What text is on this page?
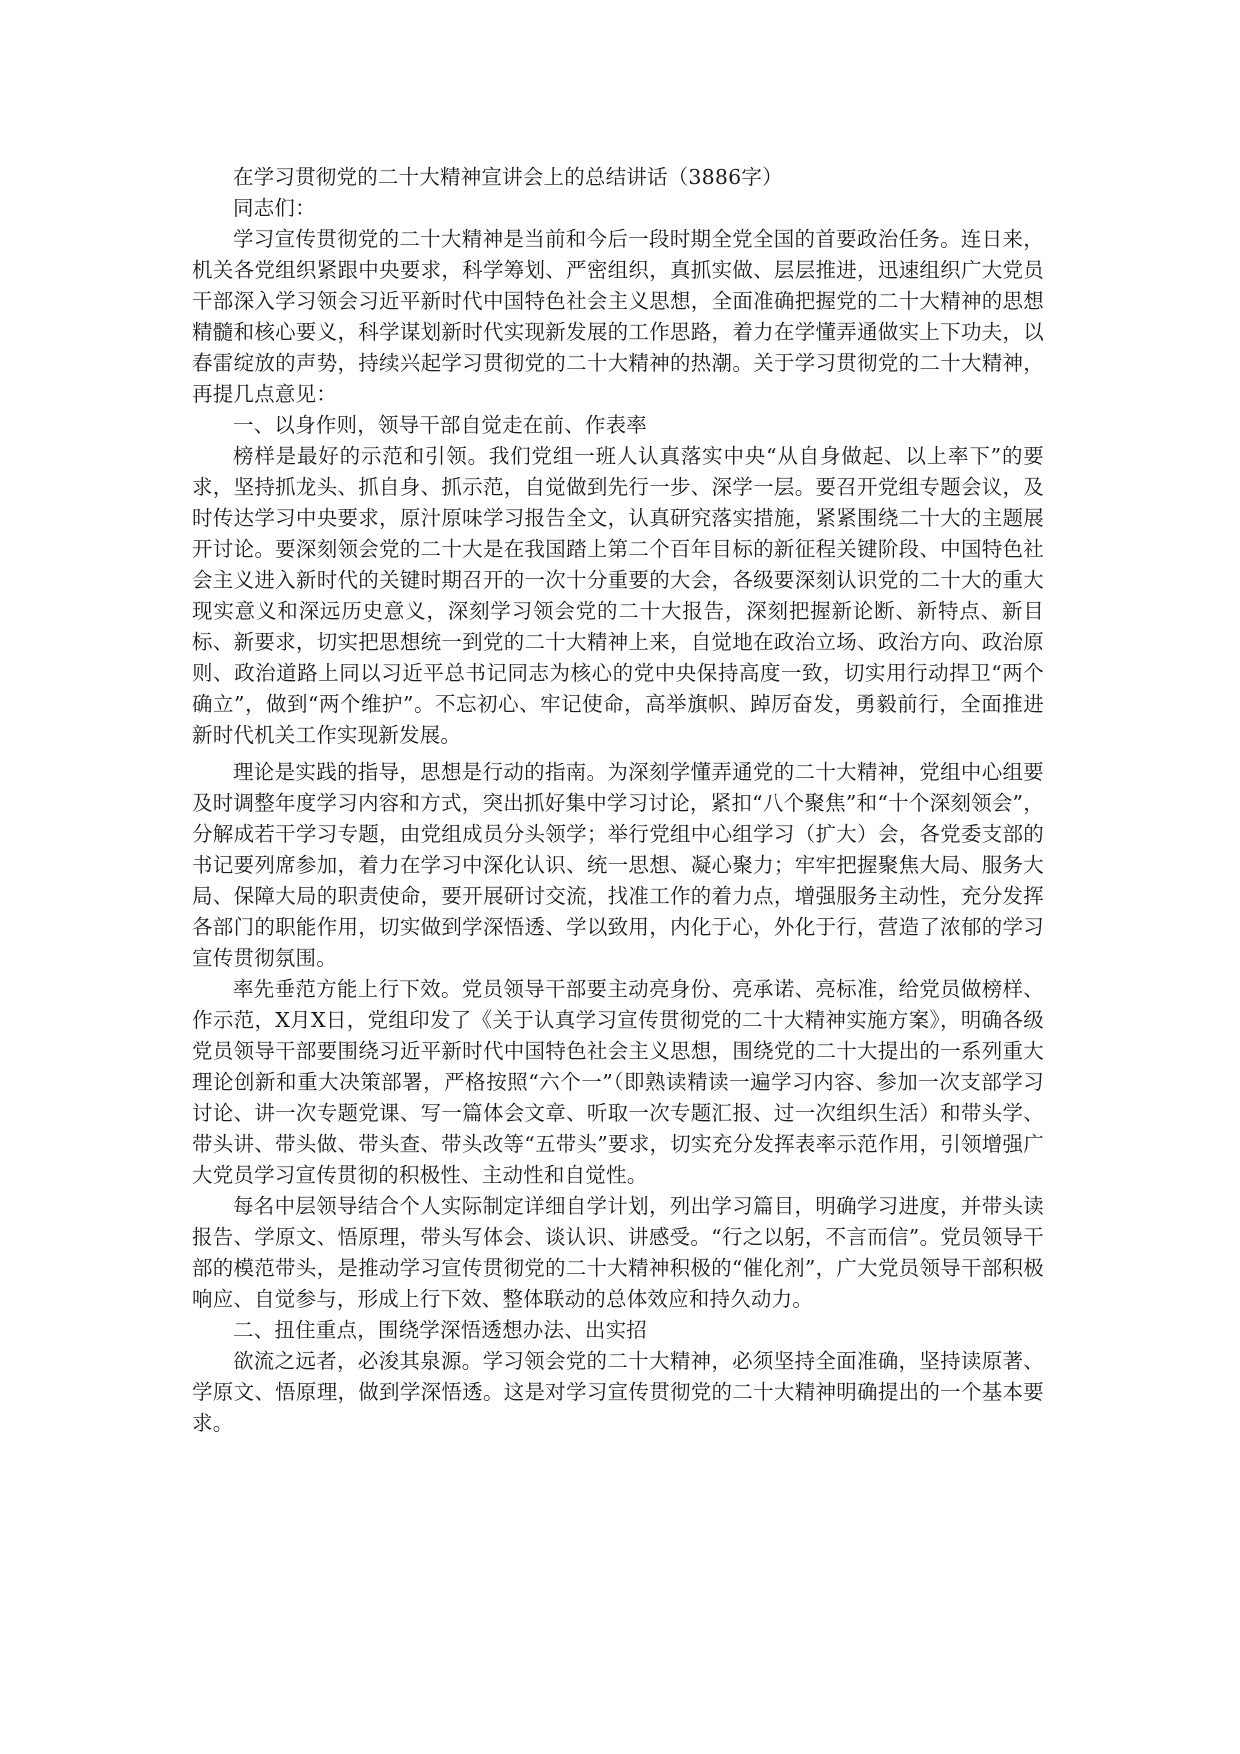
在学习贯彻党的二十大精神宣讲会上的总结讲话（3886字）

同志们：

学习宣传贯彻党的二十大精神是当前和今后一段时期全党全国的首要政治任务。连日来，机关各党组织紧跟中央要求，科学筹划、严密组织，真抓实做、层层推进，迅速组织广大党员干部深入学习领会习近平新时代中国特色社会主义思想，全面准确把握党的二十大精神的思想精髓和核心要义，科学谋划新时代实现新发展的工作思路，着力在学懂弄通做实上下功夫，以春雷绽放的声势，持续兴起学习贯彻党的二十大精神的热潮。关于学习贯彻党的二十大精神，再提几点意见：

一、以身作则，领导干部自觉走在前、作表率

榜样是最好的示范和引领。我们党组一班人认真落实中央“从自身做起、以上率下”的要求，坚持抓龙头、抓自身、抓示范，自觉做到先行一步、深学一层。要召开党组专题会议，及时传达学习中央要求，原汁原味学习报告全文，认真研究落实措施，紧紧围绕二十大的主题展开讨论。要深刻领会党的二十大是在我国踏上第二个百年目标的新征程关键阶段、中国特色社会主义进入新时代的关键时期召开的一次十分重要的大会，各级要深刻认识党的二十大的重大现实意义和深远历史意义，深刻学习领会党的二十大报告，深刻把握新论断、新特点、新目标、新要求，切实把思想统一到党的二十大精神上来，自觉地在政治立场、政治方向、政治原则、政治道路上同以习近平总书记同志为核心的党中央保持高度一致，切实用行动捍卫“两个确立”，做到“两个维护”。不忘初心、牢记使命，高举旗帜、踔厉奋发，勇毅前行，全面推进新时代机关工作实现新发展。

理论是实践的指导，思想是行动的指南。为深刻学懂弄通党的二十大精神，党组中心组要及时调整年度学习内容和方式，突出抓好集中学习讨论，紧扣“八个聚焦”和“十个深刻领会”，分解成若干学习专题，由党组成员分头领学；举行党组中心组学习（扩大）会，各党委支部的书记要列席参加，着力在学习中深化认识、统一思想、凝心聚力；牢牢把握聚焦大局、服务大局、保障大局的职责使命，要开展研讨交流，找准工作的着力点，增强服务主动性，充分发挥各部门的职能作用，切实做到学深悟透、学以致用，内化于心，外化于行，营造了浓郁的学习宣传贯彻氛围。

率先垂范方能上行下效。党员领导干部要主动亮身份、亮承诺、亮标准，给党员做榜样、作示范，X月X日，党组印发了《关于认真学习宣传贯彻党的二十大精神实施方案》，明确各级党员领导干部要围绕习近平新时代中国特色社会主义思想，围绕党的二十大提出的一系列重大理论创新和重大决策部署，严格按照“六个一”（即熟读精读一遍学习内容、参加一次支部学习讨论、讲一次专题党课、写一篇体会文章、听取一次专题汇报、过一次组织生活）和带头学、带头讲、带头做、带头查、带头改等“五带头”要求，切实充分发挥表率示范作用，引领增强广大党员学习宣传贯彻的积极性、主动性和自觉性。

每名中层领导结合个人实际制定详细自学计划，列出学习篇目，明确学习进度，并带头读报告、学原文、悟原理，带头写体会、谈认识、讲感受。“行之以躬，不言而信”。党员领导干部的模范带头，是推动学习宣传贯彻党的二十大精神积极的“催化剂”，广大党员领导干部积极响应、自觉参与，形成上行下效、整体联动的总体效应和持久动力。

二、扭住重点，围绕学深悟透想办法、出实招

欲流之远者，必浚其泉源。学习领会党的二十大精神，必须坚持全面准确，坚持读原著、学原文、悟原理，做到学深悟透。这是对学习宣传贯彻党的二十大精神明确提出的一个基本要求。
